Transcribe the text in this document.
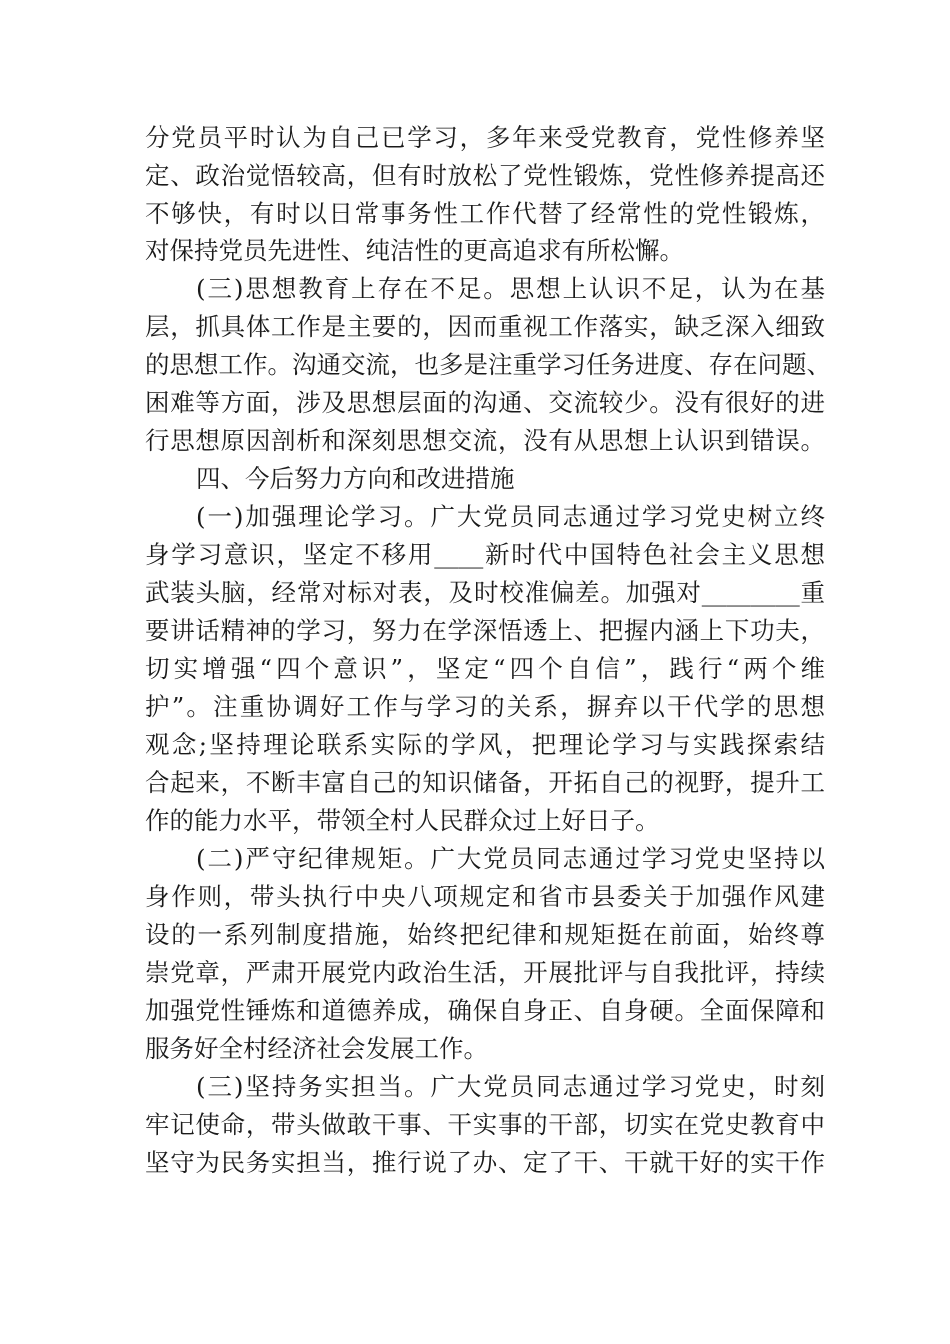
分党员平时认为自己已学习，多年来受党教育，党性修养坚
定、政治觉悟较高，但有时放松了党性锻炼，党性修养提高还
不够快，有时以日常事务性工作代替了经常性的党性锻炼，
对保持党员先进性、纯洁性的更高追求有所松懈。
(三)思想教育上存在不足。思想上认识不足，认为在基
层，抓具体工作是主要的，因而重视工作落实，缺乏深入细致
的思想工作。沟通交流，也多是注重学习任务进度、存在问题、
困难等方面，涉及思想层面的沟通、交流较少。没有很好的进
行思想原因剖析和深刻思想交流，没有从思想上认识到错误。
四、今后努力方向和改进措施
(一)加强理论学习。广大党员同志通过学习党史树立终
身学习意识，坚定不移用____新时代中国特色社会主义思想
武装头脑，经常对标对表，及时校准偏差。加强对________重
要讲话精神的学习，努力在学深悟透上、把握内涵上下功夫，
切实增强“四个意识”，坚定“四个自信”，践行“两个维
护”。注重协调好工作与学习的关系，摒弃以干代学的思想
观念;坚持理论联系实际的学风，把理论学习与实践探索结
合起来，不断丰富自己的知识储备，开拓自己的视野，提升工
作的能力水平，带领全村人民群众过上好日子。
(二)严守纪律规矩。广大党员同志通过学习党史坚持以
身作则，带头执行中央八项规定和省市县委关于加强作风建
设的一系列制度措施，始终把纪律和规矩挺在前面，始终尊
崇党章，严肃开展党内政治生活，开展批评与自我批评，持续
加强党性锤炼和道德养成，确保自身正、自身硬。全面保障和
服务好全村经济社会发展工作。
(三)坚持务实担当。广大党员同志通过学习党史，时刻
牢记使命，带头做敢干事、干实事的干部，切实在党史教育中
坚守为民务实担当，推行说了办、定了干、干就干好的实干作
